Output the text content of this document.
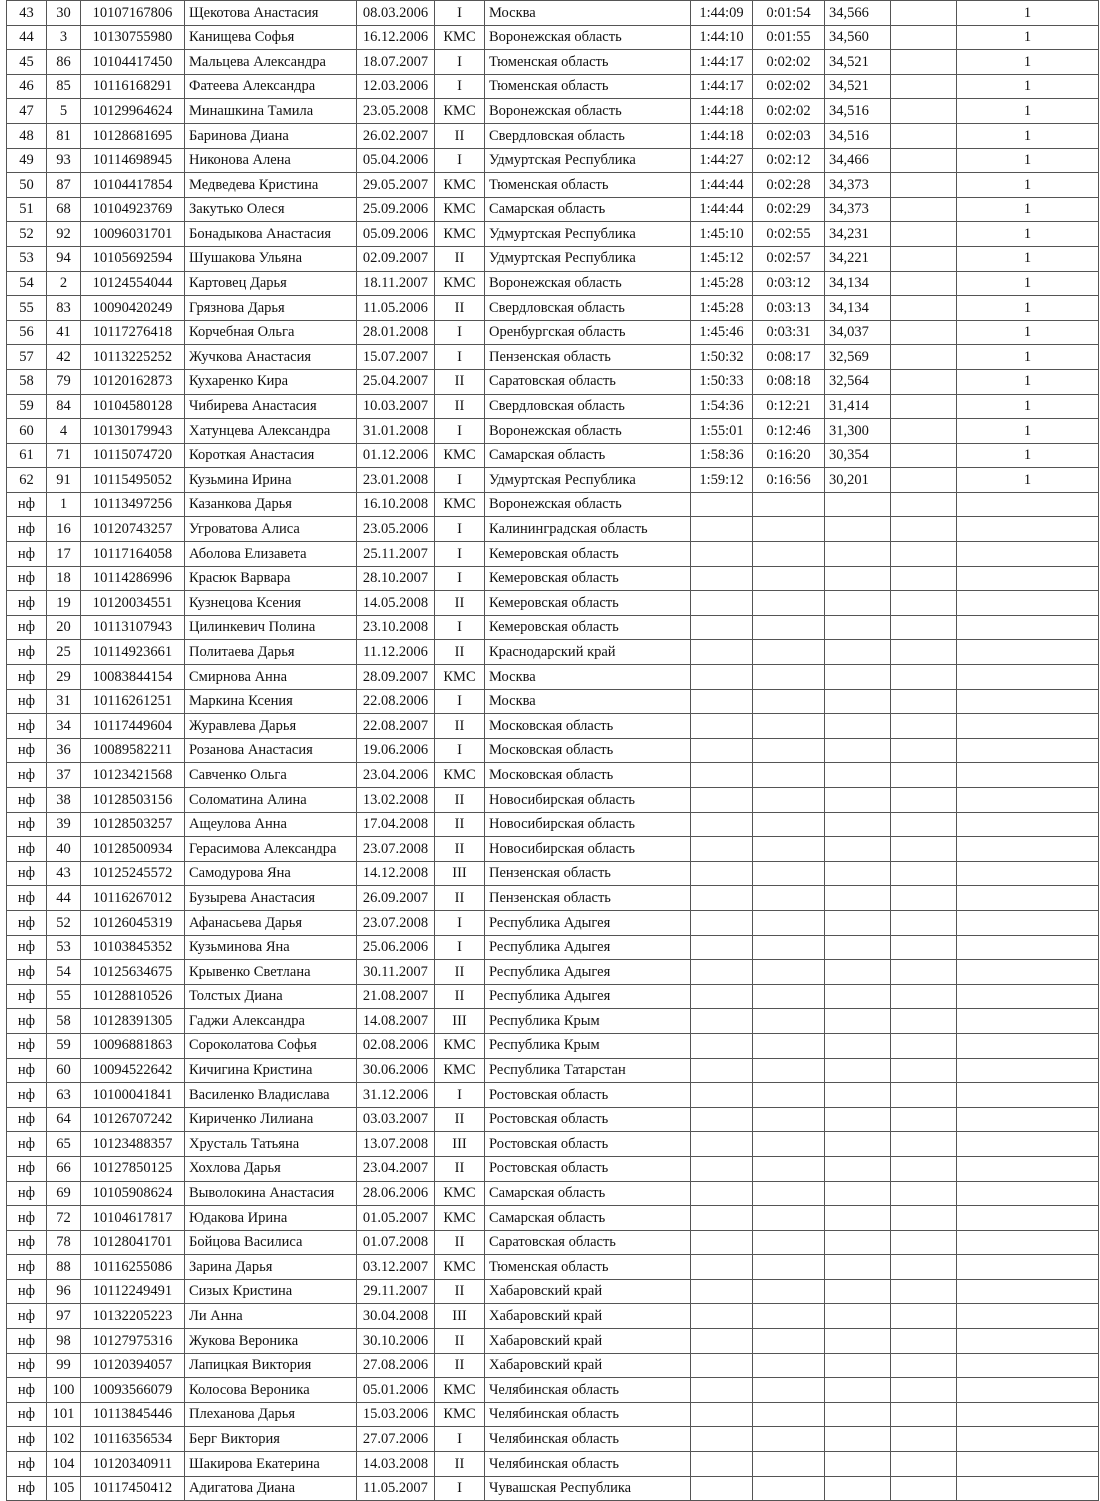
43	30	10107167806	Щекотова Анастасия	08.03.2006	I	Москва	1:44:09	0:01:54	34,566		1
44	3	10130755980	Канищева Софья	16.12.2006	КМС	Воронежская область	1:44:10	0:01:55	34,560		1
45	86	10104417450	Мальцева Александра	18.07.2007	I	Тюменская область	1:44:17	0:02:02	34,521		1
46	85	10116168291	Фатеева Александра	12.03.2006	I	Тюменская область	1:44:17	0:02:02	34,521		1
47	5	10129964624	Минашкина Тамила	23.05.2008	КМС	Воронежская область	1:44:18	0:02:02	34,516		1
48	81	10128681695	Баринова Диана	26.02.2007	II	Свердловская область	1:44:18	0:02:03	34,516		1
49	93	10114698945	Никонова Алена	05.04.2006	I	Удмуртская Республика	1:44:27	0:02:12	34,466		1
50	87	10104417854	Медведева Кристина	29.05.2007	КМС	Тюменская область	1:44:44	0:02:28	34,373		1
51	68	10104923769	Закутько Олеся	25.09.2006	КМС	Самарская область	1:44:44	0:02:29	34,373		1
52	92	10096031701	Бонадыкова Анастасия	05.09.2006	КМС	Удмуртская Республика	1:45:10	0:02:55	34,231		1
53	94	10105692594	Шушакова Ульяна	02.09.2007	II	Удмуртская Республика	1:45:12	0:02:57	34,221		1
54	2	10124554044	Картовец Дарья	18.11.2007	КМС	Воронежская область	1:45:28	0:03:12	34,134		1
55	83	10090420249	Грязнова Дарья	11.05.2006	II	Свердловская область	1:45:28	0:03:13	34,134		1
56	41	10117276418	Корчебная Ольга	28.01.2008	I	Оренбургская область	1:45:46	0:03:31	34,037		1
57	42	10113225252	Жучкова Анастасия	15.07.2007	I	Пензенская область	1:50:32	0:08:17	32,569		1
58	79	10120162873	Кухаренко Кира	25.04.2007	II	Саратовская область	1:50:33	0:08:18	32,564		1
59	84	10104580128	Чибирева Анастасия	10.03.2007	II	Свердловская область	1:54:36	0:12:21	31,414		1
60	4	10130179943	Хатунцева Александра	31.01.2008	I	Воронежская область	1:55:01	0:12:46	31,300		1
61	71	10115074720	Короткая Анастасия	01.12.2006	КМС	Самарская область	1:58:36	0:16:20	30,354		1
62	91	10115495052	Кузьмина Ирина	23.01.2008	I	Удмуртская Республика	1:59:12	0:16:56	30,201		1
нф	1	10113497256	Казанкова Дарья	16.10.2008	КМС	Воронежская область					
нф	16	10120743257	Угроватова Алиса	23.05.2006	I	Калининградская область					
нф	17	10117164058	Аболова Елизавета	25.11.2007	I	Кемеровская область					
нф	18	10114286996	Красюк Варвара	28.10.2007	I	Кемеровская область					
нф	19	10120034551	Кузнецова Ксения	14.05.2008	II	Кемеровская область					
нф	20	10113107943	Цилинкевич Полина	23.10.2008	I	Кемеровская область					
нф	25	10114923661	Политаева Дарья	11.12.2006	II	Краснодарский край					
нф	29	10083844154	Смирнова Анна	28.09.2007	КМС	Москва					
нф	31	10116261251	Маркина Ксения	22.08.2006	I	Москва					
нф	34	10117449604	Журавлева Дарья	22.08.2007	II	Московская область					
нф	36	10089582211	Розанова Анастасия	19.06.2006	I	Московская область					
нф	37	10123421568	Савченко Ольга	23.04.2006	КМС	Московская область					
нф	38	10128503156	Соломатина Алина	13.02.2008	II	Новосибирская область					
нф	39	10128503257	Ащеулова Анна	17.04.2008	II	Новосибирская область					
нф	40	10128500934	Герасимова Александра	23.07.2008	II	Новосибирская область					
нф	43	10125245572	Самодурова Яна	14.12.2008	III	Пензенская область					
нф	44	10116267012	Бузырева Анастасия	26.09.2007	II	Пензенская область					
нф	52	10126045319	Афанасьева Дарья	23.07.2008	I	Республика Адыгея					
нф	53	10103845352	Кузьминова Яна	25.06.2006	I	Республика Адыгея					
нф	54	10125634675	Крывенко Светлана	30.11.2007	II	Республика Адыгея					
нф	55	10128810526	Толстых Диана	21.08.2007	II	Республика Адыгея					
нф	58	10128391305	Гаджи Александра	14.08.2007	III	Республика Крым					
нф	59	10096881863	Сороколатова Софья	02.08.2006	КМС	Республика Крым					
нф	60	10094522642	Кичигина Кристина	30.06.2006	КМС	Республика Татарстан					
нф	63	10100041841	Василенко Владислава	31.12.2006	I	Ростовская область					
нф	64	10126707242	Кириченко Лилиана	03.03.2007	II	Ростовская область					
нф	65	10123488357	Хрусталь Татьяна	13.07.2008	III	Ростовская область					
нф	66	10127850125	Хохлова Дарья	23.04.2007	II	Ростовская область					
нф	69	10105908624	Выволокина Анастасия	28.06.2006	КМС	Самарская область					
нф	72	10104617817	Юдакова Ирина	01.05.2007	КМС	Самарская область					
нф	78	10128041701	Бойцова Василиса	01.07.2008	II	Саратовская область					
нф	88	10116255086	Зарина Дарья	03.12.2007	КМС	Тюменская область					
нф	96	10112249491	Сизых Кристина	29.11.2007	II	Хабаровский край					
нф	97	10132205223	Ли Анна	30.04.2008	III	Хабаровский край					
нф	98	10127975316	Жукова Вероника	30.10.2006	II	Хабаровский край					
нф	99	10120394057	Лапицкая Виктория	27.08.2006	II	Хабаровский край					
нф	100	10093566079	Колосова Вероника	05.01.2006	КМС	Челябинская область					
нф	101	10113845446	Плеханова Дарья	15.03.2006	КМС	Челябинская область					
нф	102	10116356534	Берг Виктория	27.07.2006	I	Челябинская область					
нф	104	10120340911	Шакирова Екатерина	14.03.2008	II	Челябинская область					
нф	105	10117450412	Адигатова Диана	11.05.2007	I	Чувашская Республика					
